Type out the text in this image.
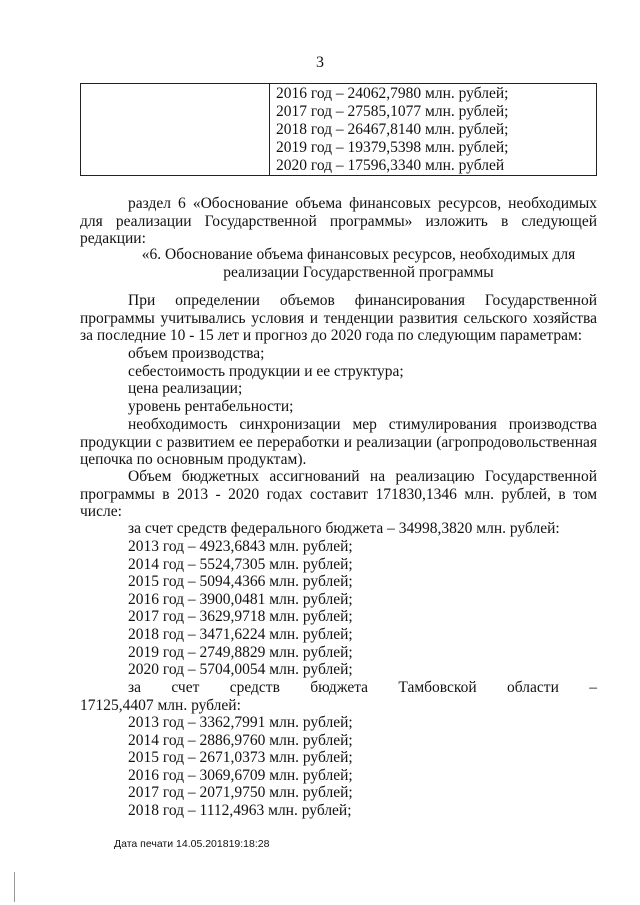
3

2016 год – 24062,7980 млн. рублей;
2017 год – 27585,1077 млн. рублей;
2018 год – 26467,8140 млн. рублей;
2019 год – 19379,5398 млн. рублей;
2020 год – 17596,3340 млн. рублей
раздел 6 «Обоснование объема финансовых ресурсов, необходимых для реализации Государственной программы» изложить в следующей редакции:
«6. Обоснование объема финансовых ресурсов, необходимых для
реализации Государственной программы
При определении объемов финансирования Государственной программы учитывались условия и тенденции развития сельского хозяйства за последние 10 - 15 лет и прогноз до 2020 года по следующим параметрам:
объем производства;
себестоимость продукции и ее структура;
цена реализации;
уровень рентабельности;
необходимость синхронизации мер стимулирования производства продукции с развитием ее переработки и реализации (агропродовольственная цепочка по основным продуктам).
Объем бюджетных ассигнований на реализацию Государственной программы в 2013 - 2020 годах составит 171830,1346 млн. рублей, в том числе:
за счет средств федерального бюджета – 34998,3820 млн. рублей:
2013 год – 4923,6843 млн. рублей;
2014 год – 5524,7305 млн. рублей;
2015 год – 5094,4366 млн. рублей;
2016 год – 3900,0481 млн. рублей;
2017 год – 3629,9718 млн. рублей;
2018 год – 3471,6224 млн. рублей;
2019 год – 2749,8829 млн. рублей;
2020 год – 5704,0054 млн. рублей;
за счет средств бюджета Тамбовской области –
17125,4407 млн. рублей:
2013 год – 3362,7991 млн. рублей;
2014 год – 2886,9760 млн. рублей;
2015 год – 2671,0373 млн. рублей;
2016 год – 3069,6709 млн. рублей;
2017 год – 2071,9750 млн. рублей;
2018 год – 1112,4963 млн. рублей;
Дата печати 14.05.201819:18:28
